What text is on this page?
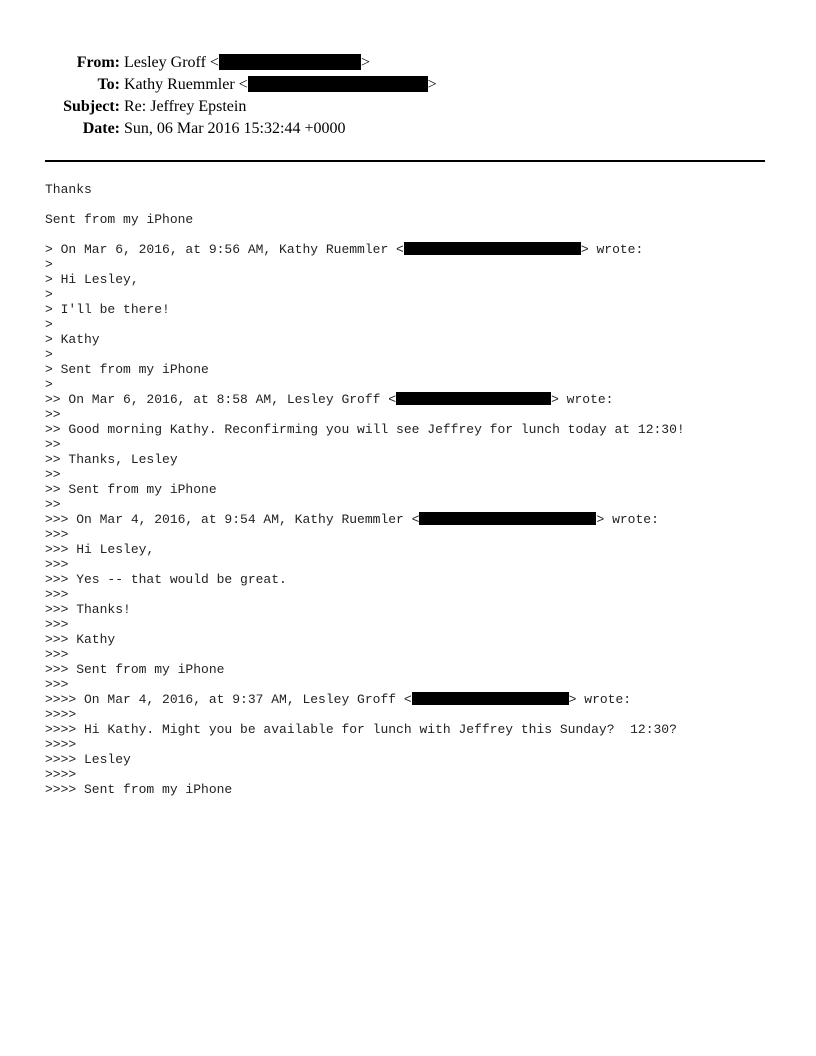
From: Lesley Groff <	>
To: Kathy Ruemmler <	>
Subject: Re: Jeffrey Epstein
Date: Sun, 06 Mar 2016 15:32:44 +0000
Thanks
Sent from my iPhone
> On Mar 6, 2016, at 9:56 AM, Kathy Ruemmler <	> wrote:
>
> Hi Lesley,
>
> I'll be there!
>
> Kathy
>
> Sent from my iPhone
>
>> On Mar 6, 2016, at 8:58 AM, Lesley Groff <	> wrote:
>>
>> Good morning Kathy. Reconfirming you will see Jeffrey for lunch today at 12:30!
>>
>> Thanks, Lesley
>>
>> Sent from my iPhone
>>
>>> On Mar 4, 2016, at 9:54 AM, Kathy Ruemmler <	> wrote:
>>>
>>> Hi Lesley,
>>>
>>> Yes -- that would be great.
>>>
>>> Thanks!
>>>
>>> Kathy
>>>
>>> Sent from my iPhone
>>>
>>>> On Mar 4, 2016, at 9:37 AM, Lesley Groff <	> wrote:
>>>>
>>>> Hi Kathy. Might you be available for lunch with Jeffrey this Sunday?  12:30?
>>>>
>>>> Lesley
>>>>
>>>> Sent from my iPhone
